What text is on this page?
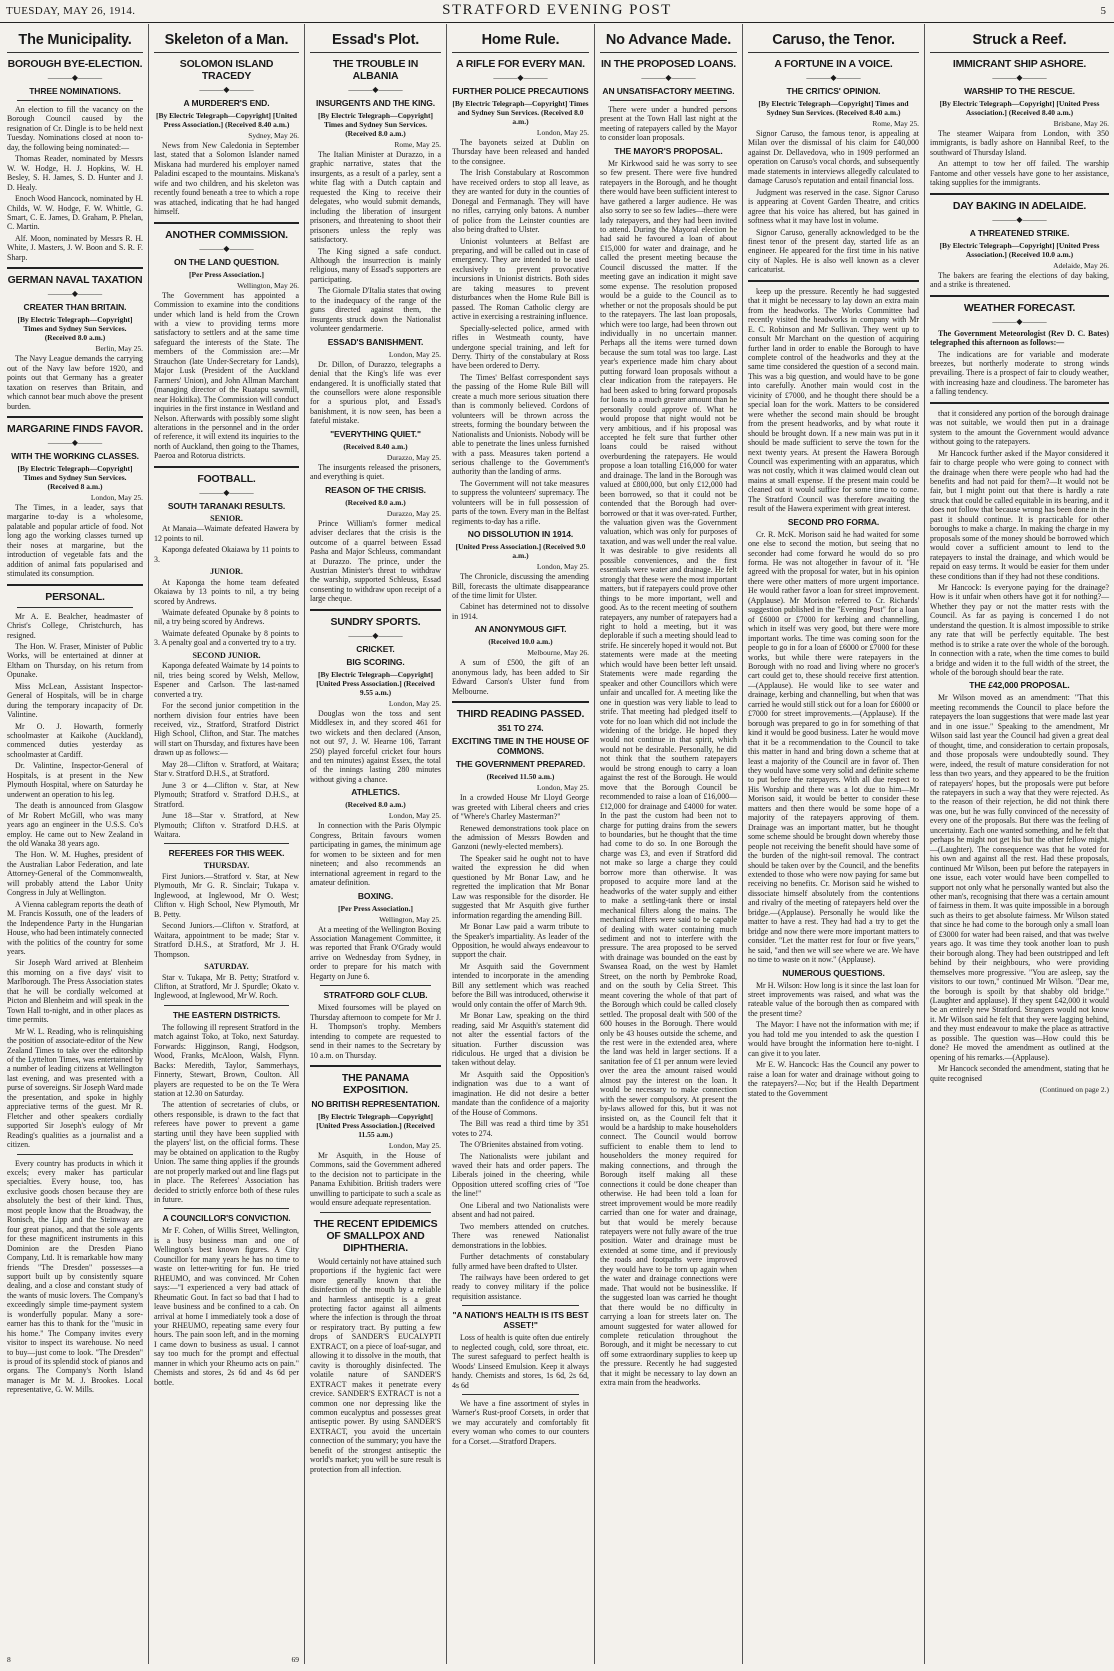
TUESDAY, MAY 26, 1914.	STRATFORD EVENING POST	5
The Municipality.
BOROUGH BYE-ELECTION.
———◆———
THREE NOMINATIONS.

An election to fill the vacancy on the Borough Council caused by the resignation of Cr. Dingle is to be held next Tuesday. Nominations closed at noon to-day, the following being nominated:—

Thomas Reader, nominated by Messrs W. W. Hodge, H. J. Hopkins, W. H. Besley, S. H. James, S. D. Hunter and J. D. Healy.

Enoch Wood Hancock, nominated by H. Childs, W. W. Hodge, F. W. Whittle, G. Smart, C. E. James, D. Graham, P. Phelan, C. Martin.

Alf. Moon, nominated by Messrs R. H. White, J. Masters, J. W. Boon and S. R. F. Sharp.

GERMAN NAVAL TAXATION
———◆———
CREATER THAN BRITAIN.
[By Electric Telegraph—Copyright] Times and Sydney Sun Services. (Received 8.0 a.m.)
Berlin, May 25.

The Navy League demands the carrying out of the Navy law before 1920, and points out that Germany has a greater taxation on reserves than Britain, and which cannot bear much above the present burden.

MARGARINE FINDS FAVOR.
———◆———
WITH THE WORKING CLASSES.
[By Electric Telegraph—Copyright] Times and Sydney Sun Services. (Received 8 a.m.)
London, May 25.

The Times, in a leader, says that margarine to-day is a wholesome, palatable and popular article of food. Not long ago the working classes turned up their noses at margarine, but the introduction of vegetable fats and the addition of animal fats popularised and stimulated its consumption.

PERSONAL.

Mr A. E. Bealcher, headmaster of Christ's College, Christchurch, has resigned.

The Hon. W. Fraser, Minister of Public Works, will be entertained at dinner at Eltham on Thursday, on his return from Opunake.

Miss McLean, Assistant Inspector-General of Hospitals, will be in charge during the temporary incapacity of Dr. Valintine.

Mr O. J. Howarth, formerly schoolmaster at Kaikohe (Auckland), commenced duties yesterday as schoolmaster at Cardiff.

Dr. Valintine, Inspector-General of Hospitals, is at present in the New Plymouth Hospital, where on Saturday he underwent an operation to his leg.

The death is announced from Glasgow of Mr Robert McGill, who was many years ago an engineer in the U.S.S. Co's employ. He came out to New Zealand in the old Wanaka 38 years ago.

The Hon. W. M. Hughes, president of the Australian Labor Federation, and late Attorney-General of the Commonwealth, will probably attend the Labor Unity Congress in July at Wellington.

A Vienna cablegram reports the death of M. Francis Kossuth, one of the leaders of the Independence Party in the Hungarian House, who had been intimately connected with the politics of the country for some years.

Sir Joseph Ward arrived at Blenheim this morning on a five days' visit to Marlborough. The Press Association states that he will be cordially welcomed at Picton and Blenheim and will speak in the Town Hall to-night, and in other places as time permits.

Mr W. L. Reading, who is relinquishing the position of associate-editor of the New Zealand Times to take over the editorship of the Lyttelton Times, was entertained by a number of leading citizens at Wellington last evening, and was presented with a purse of sovereigns. Sir Joseph Ward made the presentation, and spoke in highly appreciative terms of the guest. Mr R. Fletcher and other speakers cordially supported Sir Joseph's eulogy of Mr Reading's qualities as a journalist and a citizen.

Every country has products in which it excels; every maker has particular specialties. Every house, too, has exclusive goods chosen because they are absolutely the best of their kind. Thus, most people know that the Broadway, the Ronisch, the Lipp and the Steinway are four great pianos, and that the sole agents for these magnificent instruments in this Dominion are the Dresden Piano Company, Ltd. It is remarkable how many friends "The Dresden" possesses—a support built up by consistently square dealing, and a close and constant study of the wants of music lovers. The Company's exceedingly simple time-payment system is wonderfully popular. Many a sore-earner has this to thank for the "music in his home." The Company invites every visitor to inspect its warehouse. No need to buy—just come to look. "The Dresden" is proud of its splendid stock of pianos and organs. The Company's North Island manager is Mr M. J. Brookes. Local representative, G. W. Mills.

8
Skeleton of a Man.
SOLOMON ISLAND TRACEDY
———◆———
A MURDERER'S END.
[By Electric Telegraph—Copyright] [United Press Association.] (Received 8.40 a.m.)
Sydney, May 26.

News from New Caledonia in September last, stated that a Solomon Islander named Miskana had murdered his employer named Paladini escaped to the mountains. Miskana's wife and two children, and his skeleton was recently found beneath a tree to which a rope was attached, indicating that he had hanged himself.

ANOTHER COMMISSION.
———◆———
ON THE LAND QUESTION.
[Per Press Association.]
Wellington, May 26.

The Government has appointed a Commission to examine into the conditions under which land is held from the Crown with a view to providing terms more satisfactory to settlers and at the same time safeguard the interests of the State. The members of the Commission are:—Mr Strauchon (late Under-Secretary for Lands), Major Lusk (President of the Auckland Farmers' Union), and John Allman Marchant (managing director of the Ruatapu sawmill, near Hokitika). The Commission will conduct inquiries in the first instance in Westland and Nelson. Afterwards with possibly some slight alterations in the personnel and in the order of reference, it will extend its inquiries to the north of Auckland, then going to the Thames, Paeroa and Rotorua districts.

FOOTBALL.
———◆———
SOUTH TARANAKI RESULTS.
SENIOR.

At Manaia—Waimate defeated Hawera by 12 points to nil.

Kaponga defeated Okaiawa by 11 points to 3.

JUNIOR.

At Kaponga the home team defeated Okaiawa by 13 points to nil, a try being scored by Andrews.

Waimate defeated Opunake by 8 points to nil, a try being scored by Andrews.

Waimate defeated Opunake by 8 points to 3. A penalty goal and a converted try to a try.

SECOND JUNIOR.

Kaponga defeated Waimate by 14 points to nil, tries being scored by Welsh, Mellow, Espener and Carlson. The last-named converted a try.

For the second junior competition in the northern division four entries have been received, viz., Stratford, Stratford District High School, Clifton, and Star. The matches will start on Thursday, and fixtures have been drawn up as follows:—

May 28—Clifton v. Stratford, at Waitara; Star v. Stratford D.H.S., at Stratford.

June 3 or 4—Clifton v. Star, at New Plymouth; Stratford v. Stratford D.H.S., at Stratford.

June 18—Star v. Stratford, at New Plymouth; Clifton v. Stratford D.H.S. at Waitara.

REFEREES FOR THIS WEEK.
THURSDAY.

First Juniors.—Stratford v. Star, at New Plymouth, Mr G. R. Sinclair; Tukapa v. Inglewood, at Inglewood, Mr O. West; Clifton v. High School, New Plymouth, Mr B. Petty.

Second Juniors.—Clifton v. Stratford, at Waitara, appointment to be made; Star v. Stratford D.H.S., at Stratford, Mr J. H. Thompson.

SATURDAY.

Star v. Tukapa, Mr B. Petty; Stratford v. Clifton, at Stratford, Mr J. Spurdle; Okato v. Inglewood, at Inglewood, Mr W. Roch.

THE EASTERN DISTRICTS.

The following ill represent Stratford in the match against Toko, at Toko, next Saturday. Forwards: Higginson, Rangi, Hodgson, Wood, Franks, McAloon, Walsh, Flynn. Backs: Meredith, Taylor, Sammerhays, Finnerty, Stewart, Brown, Coulton. All players are requested to be on the Te Wera station at 12.30 on Saturday.

The attention of secretaries of clubs, or others responsible, is drawn to the fact that referees have power to prevent a game starting until they have been supplied with the players' list, on the official forms. These may be obtained on application to the Rugby Union. The same thing applies if the grounds are not properly marked out and line flags put in place. The Referees' Association has decided to strictly enforce both of these rules in future.

A COUNCILLOR'S CONVICTION.

Mr F. Cohen, of Willis Street, Wellington, is a busy business man and one of Wellington's best known figures. A City Councillor for many years he has no time to waste on letter-writing for fun. He tried RHEUMO, and was convinced. Mr Cohen says:—"I experienced a very bad attack of Rheumatic Gout. In fact so bad that I had to leave business and be confined to a cab. On arrival at home I immediately took a dose of your RHEUMO, repeating same every four hours. The pain soon left, and in the morning I came down to business as usual. I cannot say too much for the prompt and effectual manner in which your Rheumo acts on pain." Chemists and stores, 2s 6d and 4s 6d per bottle.

69
Essad's Plot.
THE TROUBLE IN ALBANIA
———◆———
INSURGENTS AND THE KING.
[By Electric Telegraph—Copyright] Times and Sydney Sun Services. (Received 8.0 a.m.)
Rome, May 25.

The Italian Minister at Durazzo, in a graphic narrative, states that the insurgents, as a result of a parley, sent a white flag with a Dutch captain and requested the King to receive their delegates, who would submit demands, including the liberation of insurgent prisoners, and threatening to shoot their prisoners unless the reply was satisfactory.

The King signed a safe conduct. Although the insurrection is mainly religious, many of Essad's supporters are participating.

The Giornale D'Italia states that owing to the inadequacy of the range of the guns directed against them, the insurgents struck down the Nationalist volunteer gendarmerie.

ESSAD'S BANISHMENT.
London, May 25.

Dr. Dillon, of Durazzo, telegraphs a denial that the King's life was ever endangered. It is unofficially stated that the counsellors were alone responsible for a spurious plot, and Essad's banishment, it is now seen, has been a fateful mistake.

"EVERYTHING QUIET."
(Received 8.40 a.m.)
Durazzo, May 25.

The insurgents released the prisoners, and everything is quiet.

REASON OF THE CRISIS.
(Received 8.0 a.m.)
Durazzo, May 25.

Prince William's former medical adviser declares that the crisis is the outcome of a quarrel between Essad Pasha and Major Schleuss, commandant at Durazzo. The prince, under the Austrian Minister's threat to withdraw the warship, supported Schleuss, Essad consenting to withdraw upon receipt of a large cheque.

SUNDRY SPORTS.
———◆———
CRICKET.
BIG SCORING.
[By Electric Telegraph—Copyright] [United Press Association.] (Received 9.55 a.m.)
London, May 25.

Douglas won the toss and sent Middlesex in, and they scored 461 for two wickets and then declared (Anson, not out 97, J. W. Hearne 106, Tarrant 250) played forceful cricket four hours and ten minutes) against Essex, the total of the innings lasting 280 minutes without giving a chance.

ATHLETICS.
(Received 8.0 a.m.)
London, May 25.

In connection with the Paris Olympic Congress, Britain favours women participating in games, the minimum age for women to be sixteen and for men nineteen; and also recommends an international agreement in regard to the amateur definition.

BOXING.
[Per Press Association.]
Wellington, May 25.

At a meeting of the Wellington Boxing Association Management Committee, it was reported that Frank O'Grady would arrive on Wednesday from Sydney, in order to prepare for his match with Hegarty on June 6.

STRATFORD GOLF CLUB.

Mixed foursomes will be played on Thursday afternoon to compete for Mr J. H. Thompson's trophy. Members intending to compete are requested to send in their names to the Secretary by 10 a.m. on Thursday.

THE PANAMA EXPOSITION.
NO BRITISH REPRESENTATION.
[By Electric Telegraph—Copyright] [United Press Association.] (Received 11.55 a.m.)
London, May 25.

Mr Asquith, in the House of Commons, said the Government adhered to the decision not to participate in the Panama Exhibition. British traders were unwilling to participate to such a scale as would ensure adequate representation.

THE RECENT EPIDEMICS OF SMALLPOX AND DIPHTHERIA.

Would certainly not have attained such proportions if the hygienic fact were more generally known that the disinfection of the mouth by a reliable and harmless antiseptic is a great protecting factor against all ailments where the infection is through the throat or respiratory tract. By putting a few drops of SANDER'S EUCALYPTI EXTRACT, on a piece of loaf-sugar, and allowing it to dissolve in the mouth, that cavity is thoroughly disinfected. The volatile nature of SANDER'S EXTRACT makes it penetrate every crevice. SANDER'S EXTRACT is not a common one nor depressing like the common eucalyptus and possesses great antiseptic power. By using SANDER'S EXTRACT, you avoid the uncertain connection of the summary; you have the benefit of the strongest antiseptic the world's market; you will be sure result is protection from all infection.

Home Rule.
A RIFLE FOR EVERY MAN.
———◆———
FURTHER POLICE PRECAUTIONS
[By Electric Telegraph—Copyright] Times and Sydney Sun Services. (Received 8.0 a.m.)
London, May 25.

The bayonets seized at Dublin on Thursday have been released and handed to the consignee.

The Irish Constabulary at Roscommon have received orders to stop all leave, as they are wanted for duty in the counties of Donegal and Fermanagh. They will have no rifles, carrying only batons. A number of police from the Leinster counties are also being drafted to Ulster.

Unionist volunteers at Belfast are preparing, and will be called out in case of emergency. They are intended to be used exclusively to prevent provocative incursions in Unionist districts. Both sides are taking measures to prevent disturbances when the Home Rule Bill is passed. The Roman Catholic clergy are active in exercising a restraining influence.

Specially-selected police, armed with rifles in Westmeath county, have undergone special training, and left for Derry. Thirty of the constabulary at Ross have been ordered to Derry.

The Times' Belfast correspondent says the passing of the Home Rule Bill will create a much more serious situation there than is commonly believed. Cordons of volunteers will be thrown across the streets, forming the boundary between the Nationalists and Unionists. Nobody will be able to penetrate the lines unless furnished with a pass. Measures taken portend a serious challenge to the Government's authority than the landing of arms.

The Government will not take measures to suppress the volunteers' supremacy. The volunteers will be in full possession of parts of the town. Every man in the Belfast regiments to-day has a rifle.

NO DISSOLUTION IN 1914.
[United Press Association.] (Received 9.0 a.m.)
London, May 25.

The Chronicle, discussing the amending Bill, forecasts the ultimate disappearance of the time limit for Ulster.

Cabinet has determined not to dissolve in 1914.

AN ANONYMOUS GIFT.
(Received 10.0 a.m.)
Melbourne, May 26.

A sum of £500, the gift of an anonymous lady, has been added to Sir Edward Carson's Ulster fund from Melbourne.

THIRD READING PASSED.
351 TO 274.
EXCITING TIME IN THE HOUSE OF COMMONS.
THE GOVERNMENT PREPARED.
(Received 11.50 a.m.)
London, May 25.

In a crowded House Mr Lloyd George was greeted with Liberal cheers and cries of "Where's Charley Masterman?"

Renewed demonstrations took place on the admission of Messrs Bowden and Ganzoni (newly-elected members).

The Speaker said he ought not to have waited the expression he did when questioned by Mr Bonar Law, and he regretted the implication that Mr Bonar Law was responsible for the disorder. He suggested that Mr Asquith give further information regarding the amending Bill.

Mr Bonar Law paid a warm tribute to the Speaker's impartiality. As leader of the Opposition, he would always endeavour to support the chair.

Mr Asquith said the Government intended to incorporate in the amending Bill any settlement which was reached before the Bill was introduced, otherwise it would only contain the offer of March 9th.

Mr Bonar Law, speaking on the third reading, said Mr Asquith's statement did not alter the essential factors of the situation. Further discussion was ridiculous. He urged that a division be taken without delay.

Mr Asquith said the Opposition's indignation was due to a want of imagination. He did not desire a better mandate than the confidence of a majority of the House of Commons.

The Bill was read a third time by 351 votes to 274.

The O'Brienites abstained from voting.

The Nationalists were jubilant and waved their hats and order papers. The Liberals joined in the cheering, while Opposition uttered scoffing cries of "Toe the line!"

One Liberal and two Nationalists were absent and had not paired.

Two members attended on crutches. There was renewed Nationalist demonstrations in the lobbies.

Further detachments of constabulary fully armed have been drafted to Ulster.

The railways have been ordered to get ready to convey military if the police requisition assistance.

"A NATION'S HEALTH IS ITS BEST ASSET!"

Loss of health is quite often due entirely to neglected cough, cold, sore throat, etc. The surest safeguard to perfect health is Woods' Linseed Emulsion. Keep it always handy. Chemists and stores, 1s 6d, 2s 6d, 4s 6d

We have a fine assortment of styles in Warner's Rust-proof Corsets, in order that we may accurately and comfortably fit every woman who comes to our counters for a Corset.—Stratford Drapers.

No Advance Made.
IN THE PROPOSED LOANS.
———◆———
AN UNSATISFACTORY MEETING.

There were under a hundred persons present at the Town Hall last night at the meeting of ratepayers called by the Mayor to consider loan proposals.

THE MAYOR'S PROPOSAL.

Mr Kirkwood said he was sorry to see so few present. There were five hundred ratepayers in the Borough, and he thought there would have been sufficient interest to have gathered a larger audience. He was also sorry to see so few ladies—there were lady ratepayers, and they had been invited to attend. During the Mayoral election he had said he favoured a loan of about £15,000 for water and drainage, and he called the present meeting because the Council discussed the matter. If the meeting gave an indication it might save some expense. The resolution proposed would be a guide to the Council as to whether or not the proposals should be put to the ratepayers. The last loan proposals, which were too large, had been thrown out individually in no uncertain manner. Perhaps all the items were turned down because the sum total was too large. Last year's experience made him chary about putting forward loan proposals without a clear indication from the ratepayers. He had been asked to bring forward proposals for loans to a much greater amount than he personally could approve of. What he would propose that night would not be very ambitious, and if his proposal was accepted he felt sure that further other loans could be raised without overburdening the ratepayers. He would propose a loan totalling £16,000 for water and drainage. The land in the Borough was valued at £800,000, but only £12,000 had been borrowed, so that it could not be contended that the Borough had over-borrowed or that it was over-rated. Further, the valuation given was the Government valuation, which was only for purposes of taxation, and was well under the real value. It was desirable to give residents all possible conveniences, and the first essentials were water and drainage. He felt strongly that these were the most important matters, but if ratepayers could prove other things to be more important, well and good. As to the recent meeting of southern ratepayers, any number of ratepayers had a right to hold a meeting, but it was deplorable if such a meeting should lead to strife. He sincerely hoped it would not. But statements were made at the meeting which would have been better left unsaid. Statements were made regarding the speaker and other Councillors which were unfair and uncalled for. A meeting like the one in question was very liable to lead to strife. That meeting had pledged itself to vote for no loan which did not include the widening of the bridge. He hoped they would not continue in that spirit, which would not be desirable. Personally, he did not think that the southern ratepayers would be strong enough to carry a loan against the rest of the Borough. He would move that the Borough Council be recommended to raise a loan of £16,000—£12,000 for drainage and £4000 for water. In the past the custom had been not to charge for putting drains from the sewers to boundaries, but he thought that the time had come to do so. In one Borough the charge was £3, and even if Stratford did not make so large a charge they could borrow more than otherwise. It was proposed to acquire more land at the headworks of the water supply and either to make a settling-tank there or instal mechanical filters along the mains. The mechanical filters were said to be capable of dealing with water containing much sediment and not to interfere with the pressure. The area proposed to be served with drainage was bounded on the east by Swansea Road, on the west by Hamlet Street, on the north by Pembroke Road, and on the south by Celia Street. This meant covering the whole of that part of the Borough which could be called closely settled. The proposal dealt with 500 of the 600 houses in the Borough. There would only be 43 houses outside the scheme, and the rest were in the extended area, where the land was held in larger sections. If a sanitation fee of £1 per annum were levied over the area the amount raised would almost pay the interest on the loan. It would be necessary to make connection with the sewer compulsory. At present the by-laws allowed for this, but it was not insisted on, as the Council felt that it would be a hardship to make householders connect. The Council would borrow sufficient to enable them to lend to householders the money required for making connections, and through the Borough itself making all these connections it could be done cheaper than otherwise. He had been told a loan for street improvement would be more readily carried than one for water and drainage, but that would be merely because ratepayers were not fully aware of the true position. Water and drainage must be extended at some time, and if previously the roads and footpaths were improved they would have to be torn up again when the water and drainage connections were made. That would not be businesslike. If the suggested loan was carried he thought that there would be no difficulty in carrying a loan for streets later on. The amount suggested for water allowed for complete reticulation throughout the Borough, and it might be necessary to cut off some extraordinary supplies to keep up the pressure. Recently he had suggested that it might be necessary to lay down an extra main from the headworks.

Caruso, the Tenor.
A FORTUNE IN A VOICE.
———◆———
THE CRITICS' OPINION.
[By Electric Telegraph—Copyright] Times and Sydney Sun Services. (Received 8.40 a.m.)
Rome, May 25.

Signor Caruso, the famous tenor, is appealing at Milan over the dismissal of his claim for £40,000 against Dr. Dellavedova, who in 1909 performed an operation on Caruso's vocal chords, and subsequently made statements in interviews allegedly calculated to damage Caruso's reputation and entail financial loss.

Judgment was reserved in the case. Signor Caruso is appearing at Covent Garden Theatre, and critics agree that his voice has altered, but has gained in softness what it may have lost in volume.

Signor Caruso, generally acknowledged to be the finest tenor of the present day, started life as an engineer. He appeared for the first time in his native city of Naples. He is also well known as a clever caricaturist.

keep up the pressure. Recently he had suggested that it might be necessary to lay down an extra main from the headworks. The Works Committee had recently visited the headworks in company with Mr E. C. Robinson and Mr Sullivan. They went up to consult Mr Marchant on the question of acquiring further land in order to enable the Borough to have complete control of the headworks and they at the same time considered the question of a second main. This was a big question, and would have to be gone into carefully. Another main would cost in the vicinity of £7000, and he thought there should be a special loan for the work. Matters to be considered were whether the second main should be brought from the present headworks, and by what route it should be brought down. If a new main was put in it should be made sufficient to serve the town for the next twenty years. At present the Hawera Borough Council was experimenting with an apparatus, which was not costly, which it was claimed would clean out mains at small expense. If the present main could be cleaned out it would suffice for some time to come. The Stratford Council was therefore awaiting the result of the Hawera experiment with great interest.

SECOND PRO FORMA.

Cr. R. McK. Morison said he had waited for some one else to second the motion, but seeing that no seconder had come forward he would do so pro forma. He was not altogether in favour of it. "He agreed with the proposal for water, but in his opinion there were other matters of more urgent importance. He would rather favor a loan for street improvement. (Applause). Mr Morison referred to Cr. Richards' suggestion published in the "Evening Post" for a loan of £6000 or £7000 for kerbing and channelling, which in itself was very good, but there were more important works. The time was coming soon for the people to go in for a loan of £6000 or £7000 for these works, but while there were ratepayers in the Borough with no road and living where no grocer's cart could get to, these should receive first attention.—(Applause). He would like to see water and drainage, kerbing and channelling, but when that was carried he would still stick out for a loan for £6000 or £7000 for street improvements.—(Applause). If the borough was prepared to go in for something of that kind it would be good business. Later he would move that it be a recommendation to the Council to take this matter in hand and bring down a scheme that at least a majority of the Council are in favor of. Then they would have some very solid and definite scheme to put before the ratepayers. With all due respect to His Worship and there was a lot due to him—Mr Morison said, it would be better to consider these matters and then there would be some hope of a majority of the ratepayers approving of them. Drainage was an important matter, but he thought some scheme should be brought down whereby those people not receiving the benefit should have some of the burden of the night-soil removal. The contract should be taken over by the Council, and the benefits extended to those who were now paying for same but receiving no benefits. Cr. Morison said he wished to dissociate himself absolutely from the contentions and rivalry of the meeting of ratepayers held over the bridge.—(Applause). Personally he would like the matter to have a rest. They had had a try to get the bridge and now there were more important matters to consider. "Let the matter rest for four or five years," he said, "and then we will see where we are. We have no time to waste on it now." (Applause).

NUMEROUS QUESTIONS.

Mr H. Wilson: How long is it since the last loan for street improvements was raised, and what was the rateable value of the borough then as compared with the present time?

The Mayor: I have not the information with me; if you had told me you intended to ask the question I would have brought the information here to-night. I can give it to you later.

Mr E. W. Hancock: Has the Council any power to raise a loan for water and drainage without going to the ratepayers?—No; but if the Health Department stated to the Government

Struck a Reef.
IMMICRANT SHIP ASHORE.
———◆———
WARSHIP TO THE RESCUE.
[By Electric Telegraph—Copyright] [United Press Association.] (Received 8.40 a.m.)
Brisbane, May 26.

The steamer Waipara from London, with 350 immigrants, is badly ashore on Hannibal Reef, to the southward of Thursday Island.

An attempt to tow her off failed. The warship Fantome and other vessels have gone to her assistance, taking supplies for the immigrants.

DAY BAKING IN ADELAIDE.
———◆———
A THREATENED STRIKE.
[By Electric Telegraph—Copyright] [United Press Association.] (Received 10.0 a.m.)
Adelaide, May 26.

The bakers are fearing the elections of day baking, and a strike is threatened.

WEATHER FORECAST.
———◆———

The Government Meteorologist (Rev D. C. Bates) telegraphed this afternoon as follows:—

The indications are for variable and moderate breezes, but northerly moderate to strong winds prevailing. There is a prospect of fair to cloudy weather, with increasing haze and cloudiness. The barometer has a falling tendency.

that it considered any portion of the borough drainage was not suitable, we would then put in a drainage system to the amount the Government would advance without going to the ratepayers.

Mr Hancock further asked if the Mayor considered it fair to charge people who were going to connect with the drainage when there were people who had had the benefits and had not paid for them?—It would not be fair, but I might point out that there is hardly a rate struck that could be called equitable in its bearing, and it does not follow that because wrong has been done in the past it should continue. It is practicable for other boroughs to make a charge. In making the charge in my proposals some of the money should be borrowed which would cover a sufficient amount to lend to the ratepayers to instal the drainage, and which would be repaid on easy terms. It would be easier for them under these conditions than if they had not these conditions.

Mr Hancock: Is everyone paying for the drainage? How is it unfair when others have got it for nothing?—Whether they pay or not the matter rests with the Council. As far as paying is concerned I do not understand the question. It is almost impossible to strike any rate that will be perfectly equitable. The best method is to strike a rate over the whole of the borough. In connection with a rate, when the time comes to build a bridge and widen it to the full width of the street, the whole of the borough should bear the rate.

THE £42,000 PROPOSAL.

Mr Wilson moved as an amendment: "That this meeting recommends the Council to place before the ratepayers the loan suggestions that were made last year and in one issue." Speaking to the amendment, Mr Wilson said last year the Council had given a great deal of thought, time, and consideration to certain proposals, and those proposals were undoubtedly sound. They were, indeed, the result of mature consideration for not less than two years, and they appeared to be the fruition of ratepayers' hopes, but the proposals were put before the ratepayers in such a way that they were rejected. As to the reason of their rejection, he did not think there was one, but he was fully convinced of the necessity of every one of the proposals. But there was the feeling of uncertainty. Each one wanted something, and he felt that perhaps he might not get his but the other fellow might.—(Laughter). The consequence was that he voted for his own and against all the rest. Had these proposals, continued Mr Wilson, been put before the ratepayers in one issue, each voter would have been compelled to support not only what he personally wanted but also the other man's, recognising that there was a certain amount of fairness in them. It was quite impossible in a borough such as theirs to get absolute fairness. Mr Wilson stated that since he had come to the borough only a small loan of £3000 for water had been raised, and that was twelve years ago. It was time they took another loan to push their borough along. They had been outstripped and left behind by their neighbours, who were providing themselves more progressive. "You are asleep, say the visitors to our town," continued Mr Wilson. "Dear me, the borough is spoilt by that shabby old bridge." (Laughter and applause). If they spent £42,000 it would be an entirely new Stratford. Strangers would not know it. Mr Wilson said he felt that they were lagging behind, and they must endeavour to make the place as attractive as possible. The question was—How could this be done? He moved the amendment as outlined at the opening of his remarks.—(Applause).

Mr Hancock seconded the amendment, stating that he quite recognised

(Continued on page 2.)
